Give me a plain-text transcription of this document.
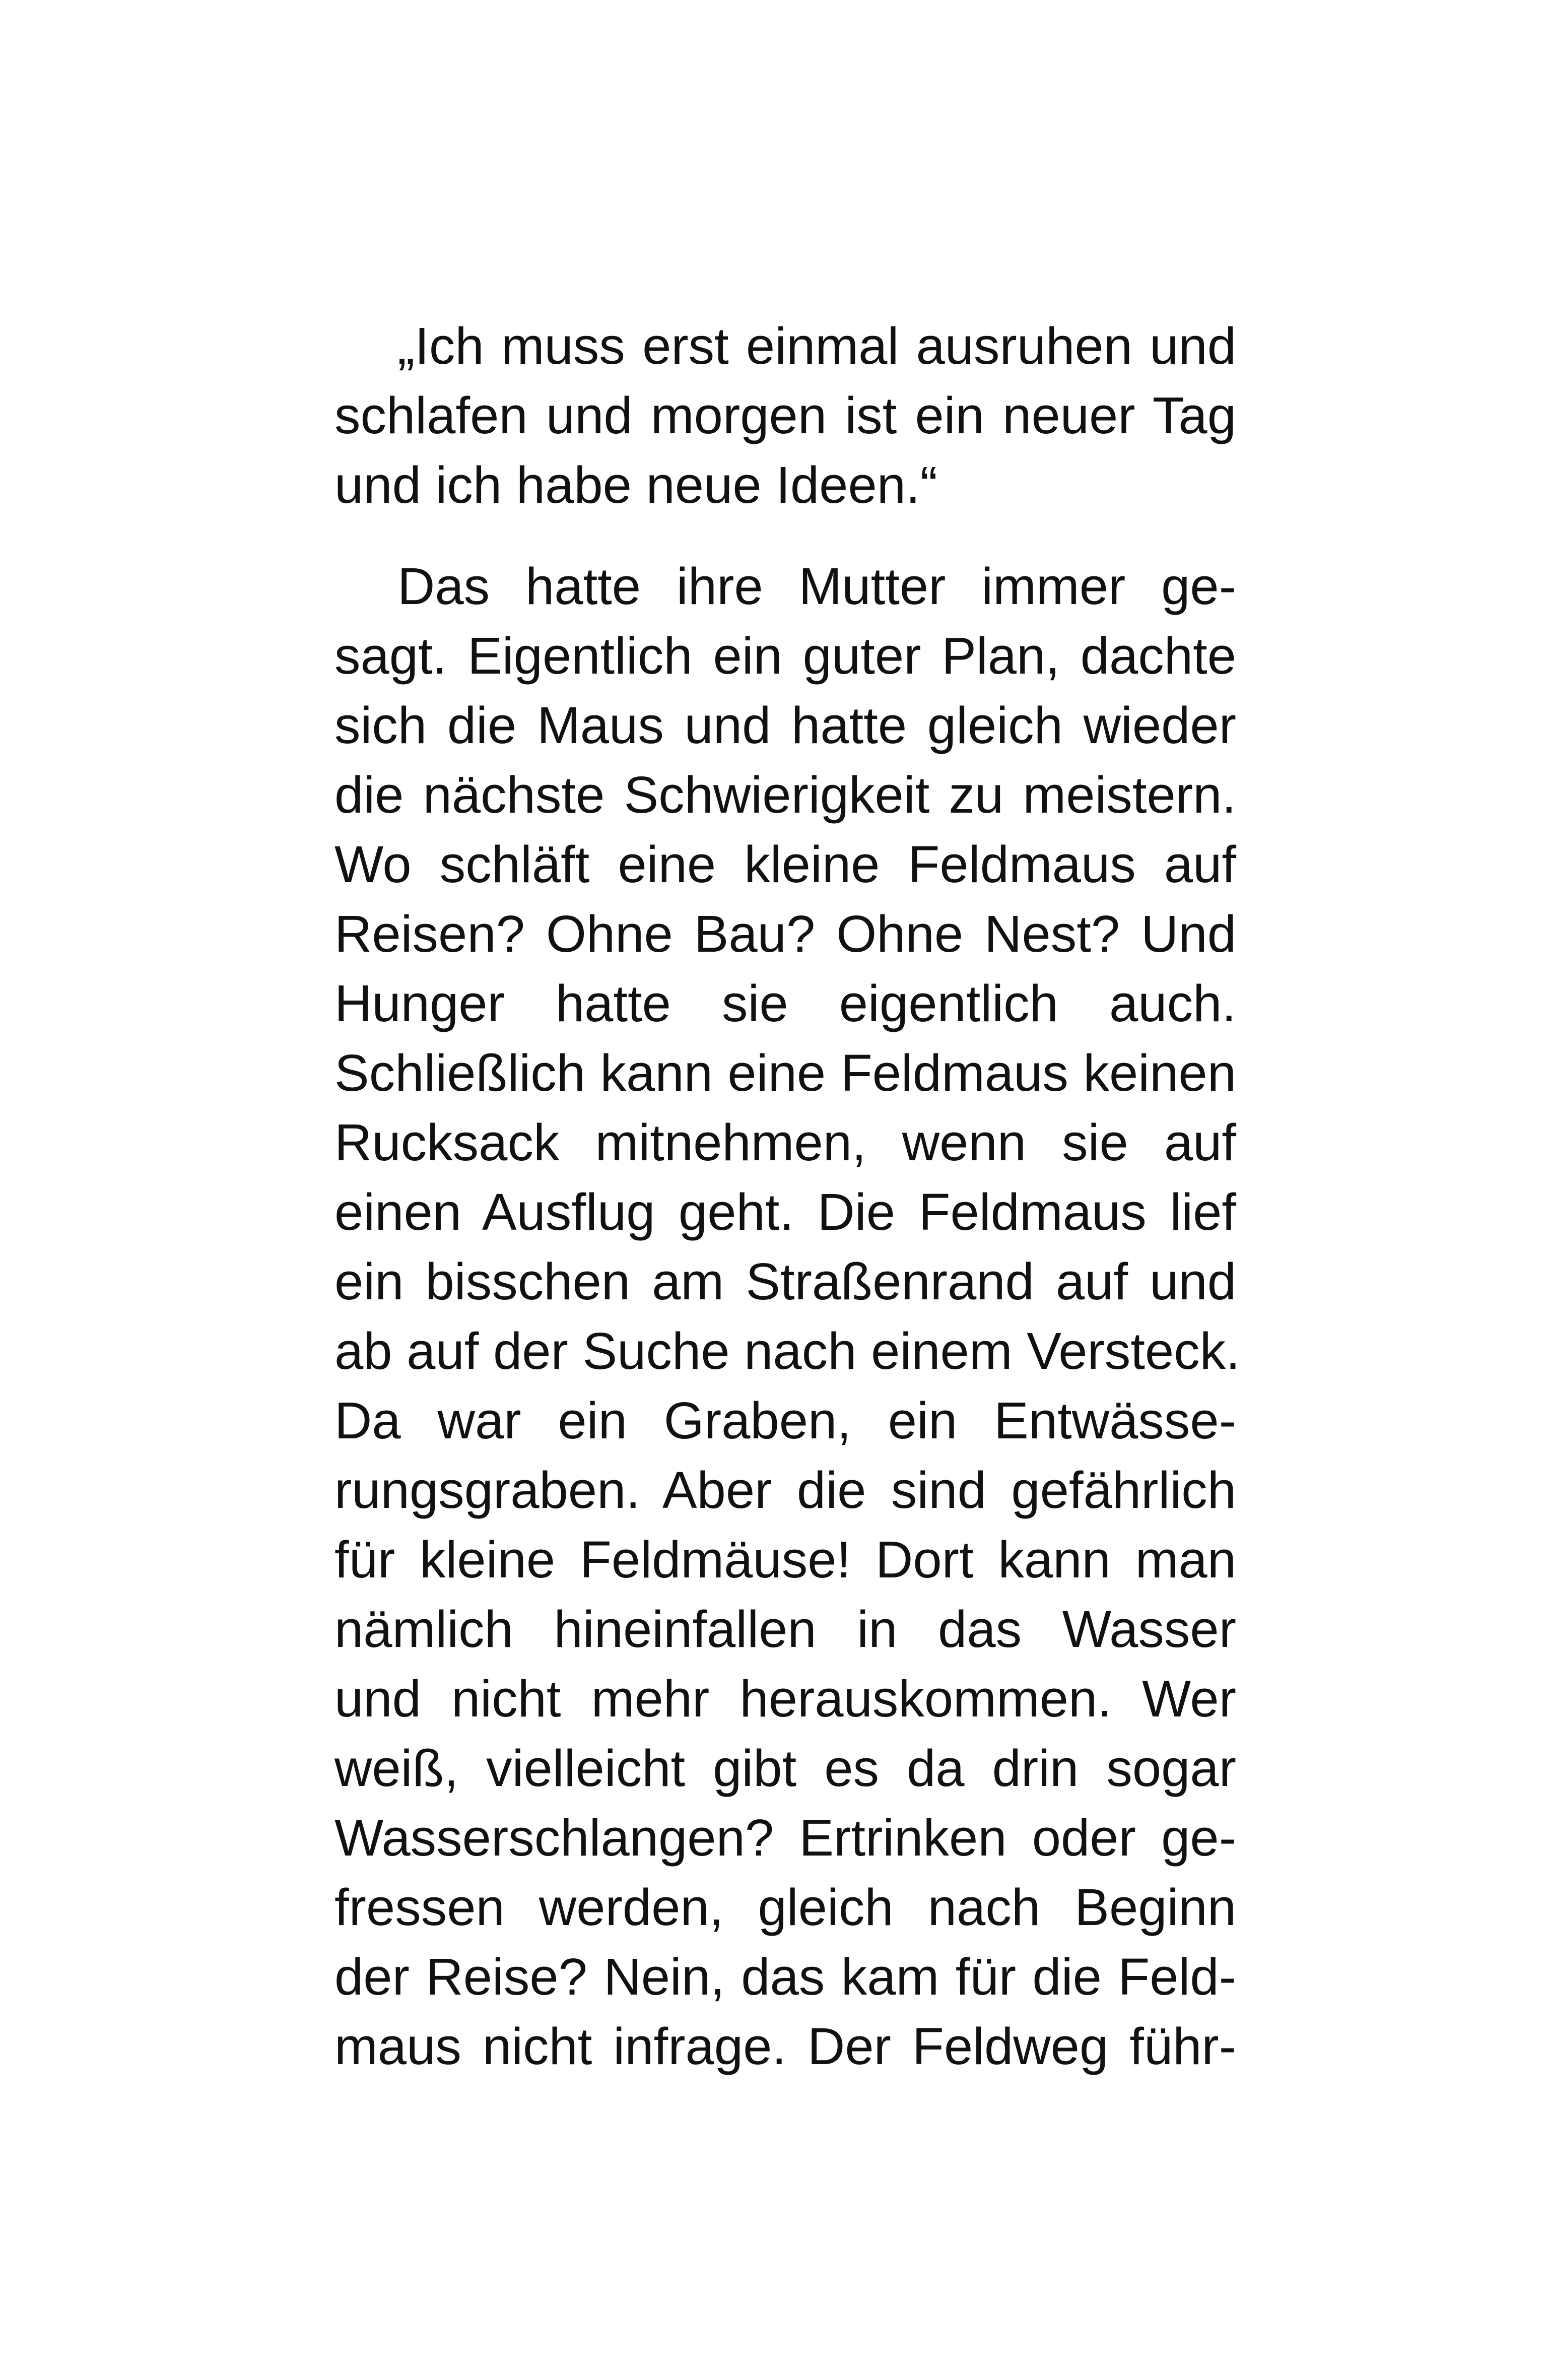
„Ich muss erst einmal ausruhen und
schlafen und morgen ist ein neuer Tag
und ich habe neue Ideen.“

Das hatte ihre Mutter immer ge-
sagt. Eigentlich ein guter Plan, dachte
sich die Maus und hatte gleich wieder
die nächste Schwierigkeit zu meistern.
Wo schläft eine kleine Feldmaus auf
Reisen? Ohne Bau? Ohne Nest? Und
Hunger hatte sie eigentlich auch.
Schließlich kann eine Feldmaus keinen
Rucksack mitnehmen, wenn sie auf
einen Ausflug geht. Die Feldmaus lief
ein bisschen am Straßenrand auf und
ab auf der Suche nach einem Versteck.
Da war ein Graben, ein Entwässe-
rungsgraben. Aber die sind gefährlich
für kleine Feldmäuse! Dort kann man
nämlich hineinfallen in das Wasser
und nicht mehr herauskommen. Wer
weiß, vielleicht gibt es da drin sogar
Wasserschlangen? Ertrinken oder ge-
fressen werden, gleich nach Beginn
der Reise? Nein, das kam für die Feld-
maus nicht infrage. Der Feldweg führ-
